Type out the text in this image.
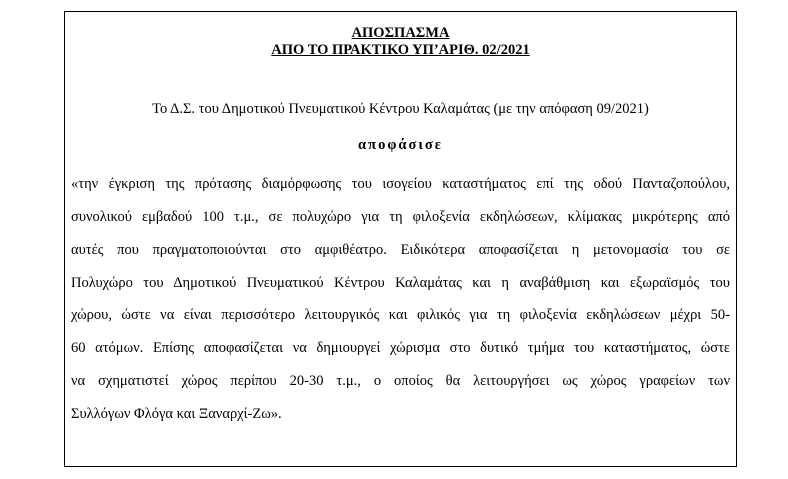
ΑΠΟΣΠΑΣΜΑ
ΑΠΟ ΤΟ ΠΡΑΚΤΙΚΟ ΥΠ’ΑΡΙΘ. 02/2021
Το Δ.Σ. του Δημοτικού Πνευματικού Κέντρου Καλαμάτας (με την απόφαση 09/2021)
αποφάσισε
«την έγκριση της πρότασης διαμόρφωσης του ισογείου καταστήματος επί της οδού Πανταζοπούλου,
συνολικού εμβαδού 100 τ.μ., σε πολυχώρο για τη φιλοξενία εκδηλώσεων, κλίμακας μικρότερης από
αυτές που πραγματοποιούνται στο αμφιθέατρο. Ειδικότερα αποφασίζεται η μετονομασία του σε
Πολυχώρο του Δημοτικού Πνευματικού Κέντρου Καλαμάτας και η αναβάθμιση και εξωραϊσμός του
χώρου, ώστε να είναι περισσότερο λειτουργικός και φιλικός για τη φιλοξενία εκδηλώσεων μέχρι 50-
60 ατόμων. Επίσης αποφασίζεται να δημιουργεί χώρισμα στο δυτικό τμήμα του καταστήματος, ώστε
να σχηματιστεί χώρος περίπου 20-30 τ.μ., ο οποίος θα λειτουργήσει ως χώρος γραφείων των
Συλλόγων Φλόγα και Ξαναρχί-Ζω».
